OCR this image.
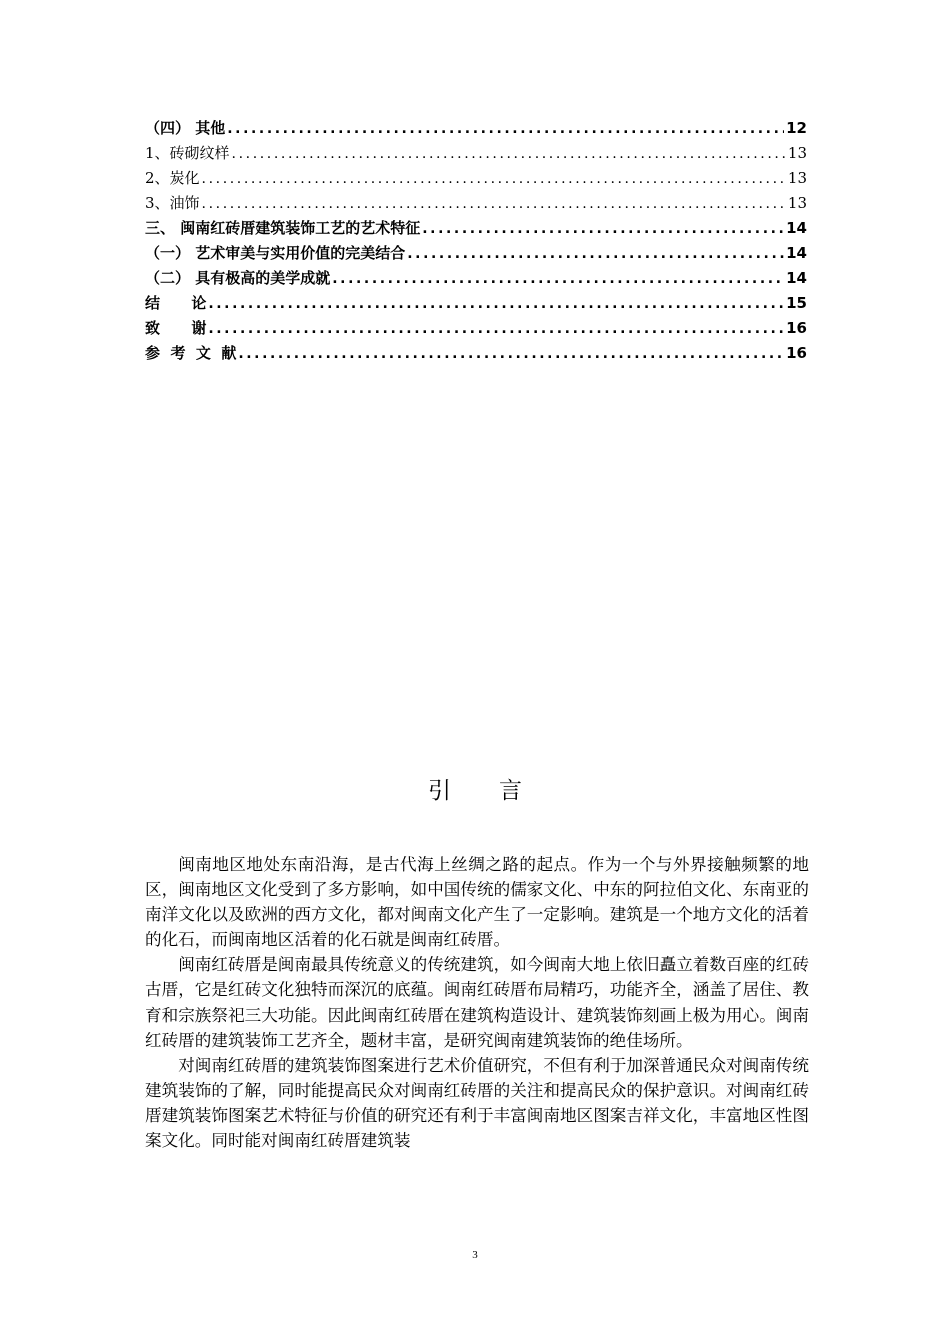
（四） 其他 .....	12
1、砖砌纹样 .....	13
2、炭化 .....	13
3、油饰 .....	13
三、 闽南红砖厝建筑装饰工艺的艺术特征 .....	14
（一） 艺术审美与实用价值的完美结合 .....	14
（二） 具有极高的美学成就 .....	14
结      论 .....	15
致      谢 .....	16
参  考  文  献 .....	16
引言

闽南地区地处东南沿海，是古代海上丝绸之路的起点。作为一个与外界接触频繁的地区，闽南地区文化受到了多方影响，如中国传统的儒家文化、中东的阿拉伯文化、东南亚的南洋文化以及欧洲的西方文化，都对闽南文化产生了一定影响。建筑是一个地方文化的活着的化石，而闽南地区活着的化石就是闽南红砖厝。

闽南红砖厝是闽南最具传统意义的传统建筑，如今闽南大地上依旧矗立着数百座的红砖古厝，它是红砖文化独特而深沉的底蕴。闽南红砖厝布局精巧，功能齐全，涵盖了居住、教育和宗族祭祀三大功能。因此闽南红砖厝在建筑构造设计、建筑装饰刻画上极为用心。闽南红砖厝的建筑装饰工艺齐全，题材丰富，是研究闽南建筑装饰的绝佳场所。

对闽南红砖厝的建筑装饰图案进行艺术价值研究，不但有利于加深普通民众对闽南传统建筑装饰的了解，同时能提高民众对闽南红砖厝的关注和提高民众的保护意识。对闽南红砖厝建筑装饰图案艺术特征与价值的研究还有利于丰富闽南地区图案吉祥文化，丰富地区性图案文化。同时能对闽南红砖厝建筑装

3
